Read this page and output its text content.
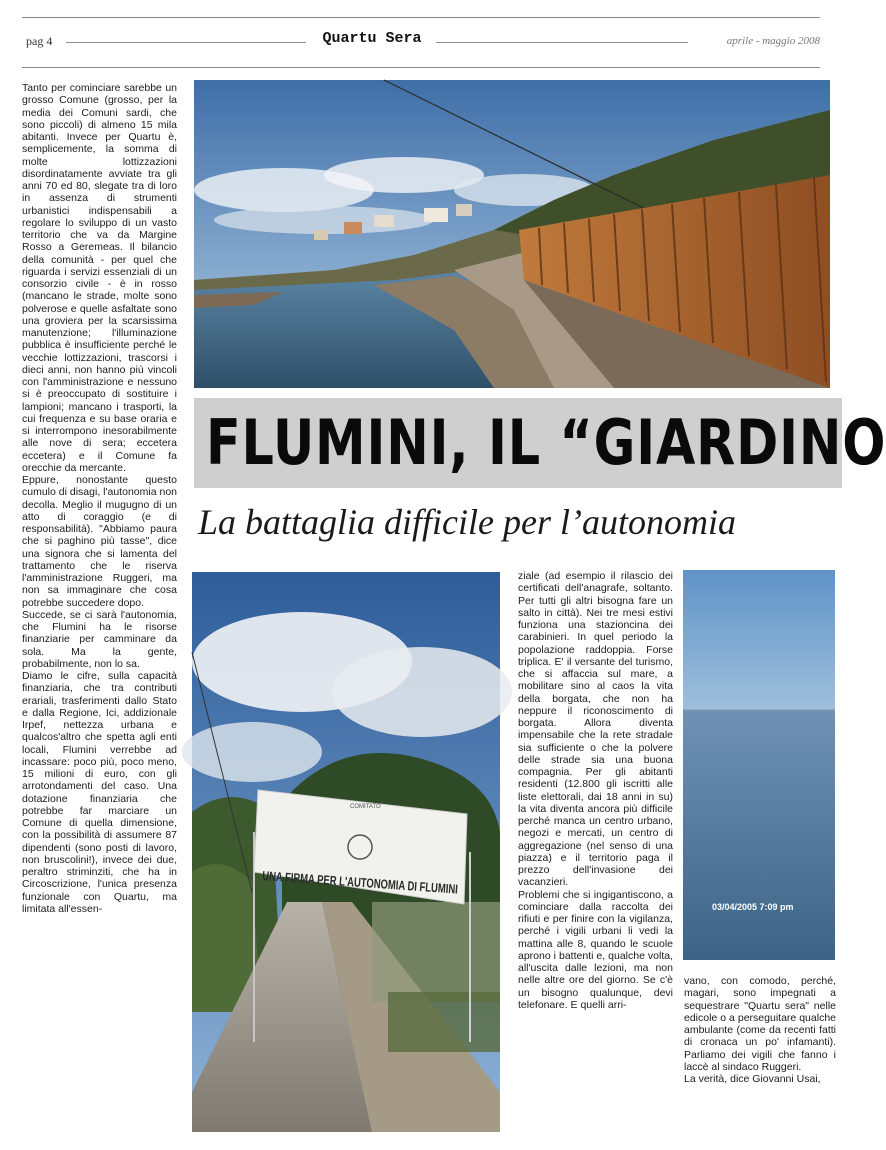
pag 4	Quartu Sera	aprile - maggio 2008

Tanto per cominciare sarebbe un grosso Comune (grosso, per la media dei Comuni sardi, che sono piccoli) di almeno 15 mila abitanti. Invece per Quartu è, semplicemente, la somma di molte lottizzazioni disordinatamente avviate tra gli anni 70 ed 80, slegate tra di loro in assenza di strumenti urbanistici indispensabili a regolare lo sviluppo di un vasto territorio che va da Margine Rosso a Geremeas. Il bilancio della comunità - per quel che riguarda i servizi essenziali di un consorzio civile - è in rosso (mancano le strade, molte sono polverose e quelle asfaltate sono una groviera per la scarsissima manutenzione; l'illuminazione pubblica è insufficiente perché le vecchie lottizzazioni, trascorsi i dieci anni, non hanno più vincoli con l'amministrazione e nessuno si è preoccupato di sostituire i lampioni; mancano i trasporti, la cui frequenza e su base oraria e si interrompono inesorabilmente alle nove di sera; eccetera eccetera) e il Comune fa orecchie da mercante.

Eppure, nonostante questo cumulo di disagi, l'autonomia non decolla. Meglio il mugugno di un atto di coraggio (e di responsabilità). "Abbiamo paura che si paghino più tasse", dice una signora che si lamenta del trattamento che le riserva l'amministrazione Ruggeri, ma non sa immaginare che cosa potrebbe succedere dopo.

Succede, se ci sarà l'autonomia, che Flumini ha le risorse finanziarie per camminare da sola. Ma la gente, probabilmente, non lo sa.

Diamo le cifre, sulla capacità finanziaria, che tra contributi erariali, trasferimenti dallo Stato e dalla Regione, Ici, addizionale Irpef, nettezza urbana e qualcos'altro che spetta agli enti locali, Flumini verrebbe ad incassare: poco più, poco meno, 15 milioni di euro, con gli arrotondamenti del caso. Una dotazione finanziaria che potrebbe far marciare un Comune di quella dimensione, con la possibilità di assumere 87 dipendenti (sono posti di lavoro, non bruscolini!), invece dei due, peraltro striminziti, che ha in Circoscrizione, l'unica presenza funzionale con Quartu, ma limitata all'essen-

FLUMINI, IL “GIARDINO
La battaglia difficile per l’autonomia
COMITATO
UNA FIRMA PER L'AUTONOMIA DI FLUMINI

ziale (ad esempio il rilascio dei certificati dell'anagrafe, soltanto. Per tutti gli altri bisogna fare un salto in città). Nei tre mesi estivi funziona una stazioncina dei carabinieri. In quel periodo la popolazione raddoppia. Forse triplica. E' il versante del turismo, che si affaccia sul mare, a mobilitare sino al caos la vita della borgata, che non ha neppure il riconoscimento di borgata. Allora diventa impensabile che la rete stradale sia sufficiente o che la polvere delle strade sia una buona compagnia. Per gli abitanti residenti (12.800 gli iscritti alle liste elettorali, dai 18 anni in su) la vita diventa ancora più difficile perché manca un centro urbano, negozi e mercati, un centro di aggregazione (nel senso di una piazza) e il territorio paga il prezzo dell'invasione dei vacanzieri.

Problemi che si ingigantiscono, a cominciare dalla raccolta dei rifiuti e per finire con la vigilanza, perché i vigili urbani li vedi la mattina alle 8, quando le scuole aprono i battenti e, qualche volta, all'uscita dalle lezioni, ma non nelle altre ore del giorno. Se c'è un bisogno qualunque, devi telefonare. E quelli arri-

03/04/2005 7:09 pm

vano, con comodo, perché, magari, sono impegnati a sequestrare "Quartu sera" nelle edicole o a perseguitare qualche ambulante (come da recenti fatti di cronaca un po' infamanti). Parliamo dei vigili che fanno i laccè al sindaco Ruggeri.

La verità, dice Giovanni Usai,
